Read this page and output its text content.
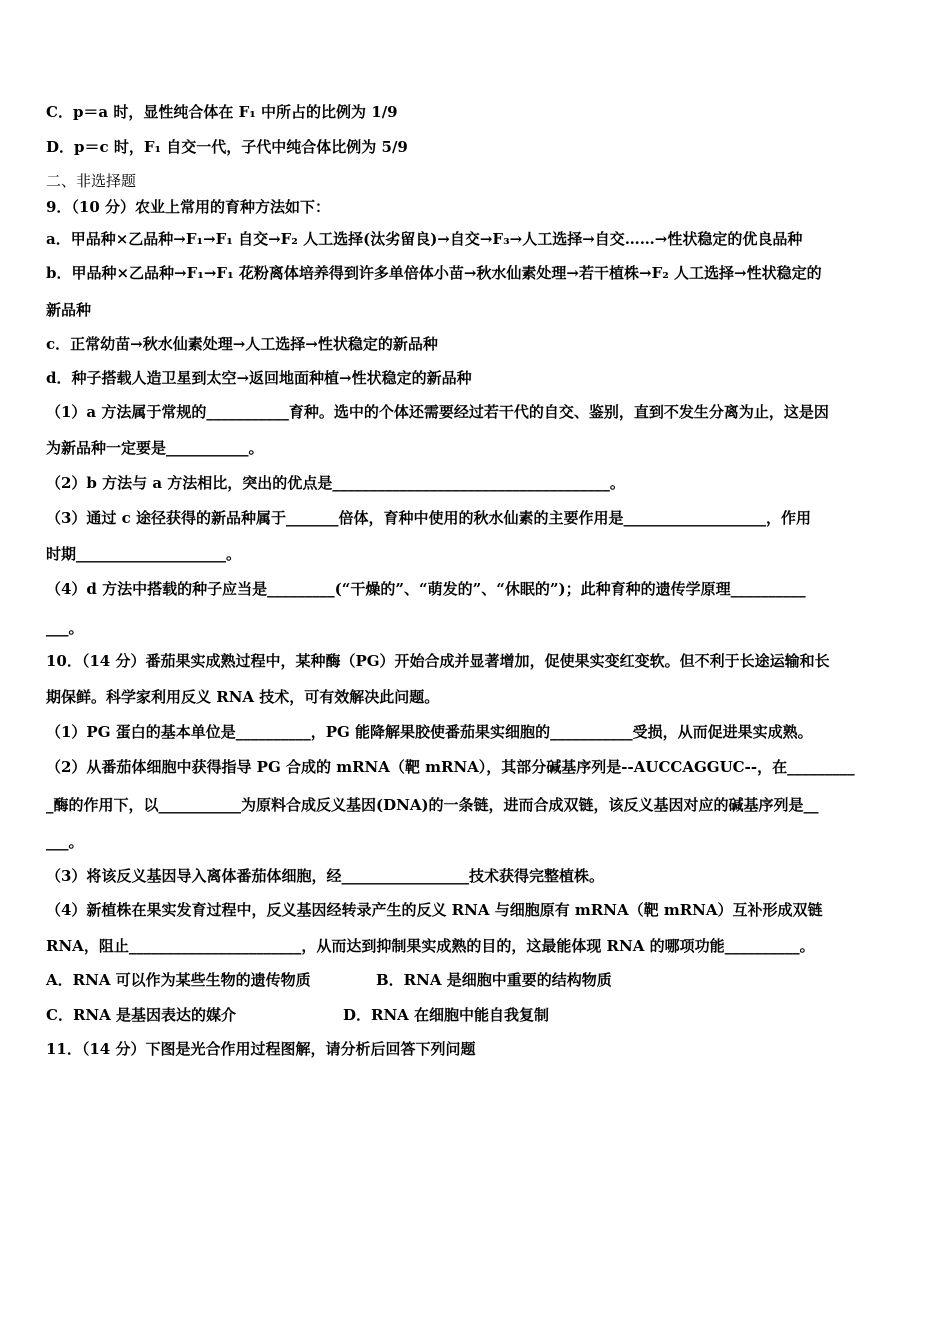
C．p＝a 时，显性纯合体在 F₁ 中所占的比例为 1/9
D．p＝c 时，F₁ 自交一代，子代中纯合体比例为 5/9
二、非选择题
9．（10 分）农业上常用的育种方法如下：
a．甲品种×乙品种→F₁→F₁ 自交→F₂ 人工选择(汰劣留良)→自交→F₃→人工选择→自交……→性状稳定的优良品种
b．甲品种×乙品种→F₁→F₁ 花粉离体培养得到许多单倍体小苗→秋水仙素处理→若干植株→F₂ 人工选择→性状稳定的
新品种
c．正常幼苗→秋水仙素处理→人工选择→性状稳定的新品种
d．种子搭载人造卫星到太空→返回地面种植→性状稳定的新品种
（1）a 方法属于常规的___________育种。选中的个体还需要经过若干代的自交、鉴别，直到不发生分离为止，这是因
为新品种一定要是___________。
（2）b 方法与 a 方法相比，突出的优点是_____________________________________。
（3）通过 c 途径获得的新品种属于_______倍体，育种中使用的秋水仙素的主要作用是___________________，作用
时期____________________。
（4）d 方法中搭载的种子应当是_________(“干燥的”、“萌发的”、“休眠的”)；此种育种的遗传学原理__________
___。
10．（14 分）番茄果实成熟过程中，某种酶（PG）开始合成并显著增加，促使果实变红变软。但不利于长途运输和长
期保鲜。科学家利用反义 RNA 技术，可有效解决此问题。
（1）PG 蛋白的基本单位是__________，PG 能降解果胶使番茄果实细胞的___________受损，从而促进果实成熟。
（2）从番茄体细胞中获得指导 PG 合成的 mRNA（靶 mRNA），其部分碱基序列是--AUCCAGGUC--，在_________
_酶的作用下，以___________为原料合成反义基因(DNA)的一条链，进而合成双链，该反义基因对应的碱基序列是__
___。
（3）将该反义基因导入离体番茄体细胞，经_________________技术获得完整植株。
（4）新植株在果实发育过程中，反义基因经转录产生的反义 RNA 与细胞原有 mRNA（靶 mRNA）互补形成双链
RNA，阻止_______________________，从而达到抑制果实成熟的目的，这最能体现 RNA 的哪项功能__________。
A．RNA 可以作为某些生物的遗传物质	B．RNA 是细胞中重要的结构物质
C．RNA 是基因表达的媒介	D．RNA 在细胞中能自我复制
11．（14 分）下图是光合作用过程图解，请分析后回答下列问题
